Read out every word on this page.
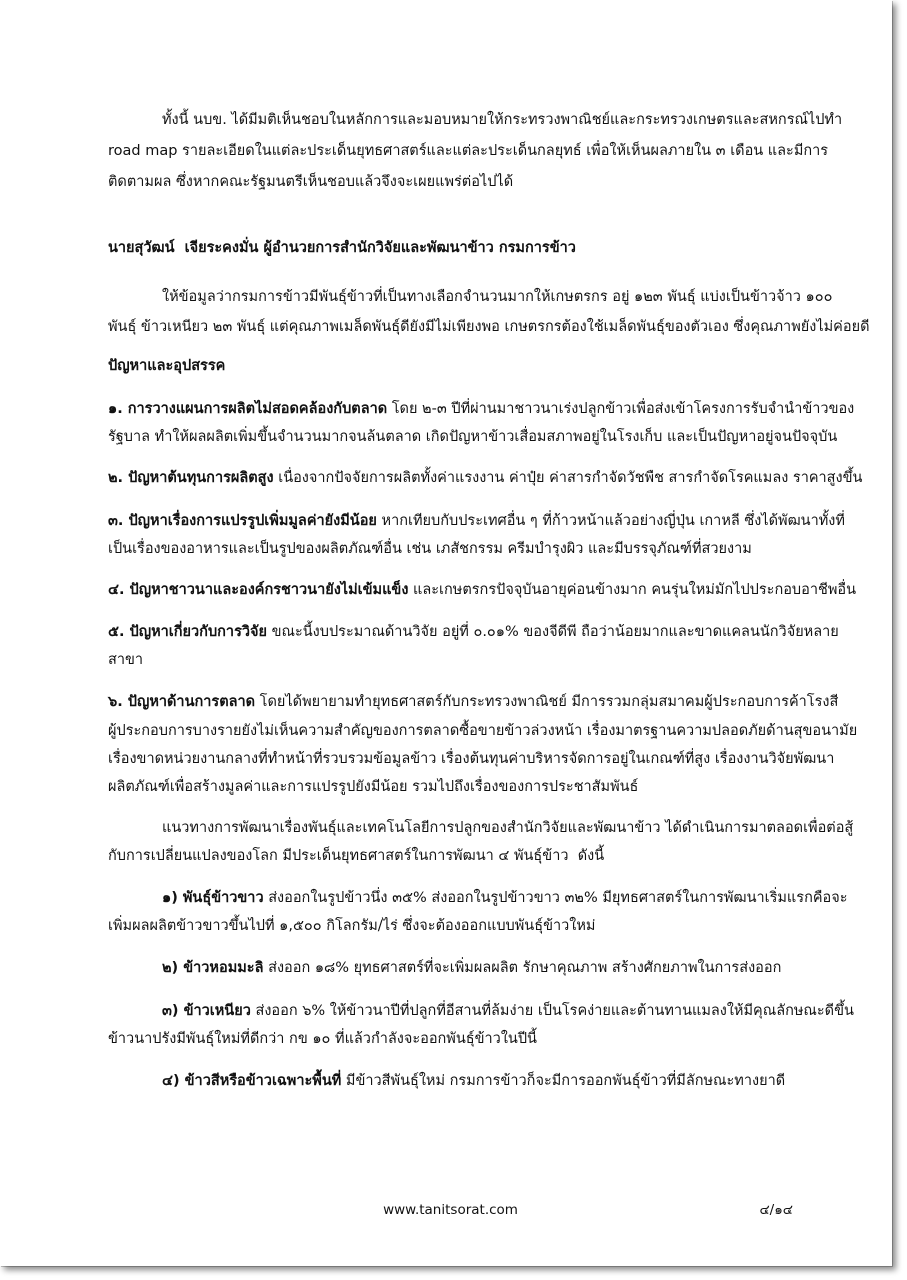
ทั้งนี้ นบข. ได้มีมติเห็นชอบในหลักการและมอบหมายให้กระทรวงพาณิชย์และกระทรวงเกษตรและสหกรณ์ไปทำ
road map รายละเอียดในแต่ละประเด็นยุทธศาสตร์และแต่ละประเด็นกลยุทธ์ เพื่อให้เห็นผลภายใน ๓ เดือน และมีการ
ติดตามผล ซึ่งหากคณะรัฐมนตรีเห็นชอบแล้วจึงจะเผยแพร่ต่อไปได้
นายสุวัฒน์  เจียระคงมั่น ผู้อำนวยการสำนักวิจัยและพัฒนาข้าว กรมการข้าว
ให้ข้อมูลว่ากรมการข้าวมีพันธุ์ข้าวที่เป็นทางเลือกจำนวนมากให้เกษตรกร อยู่ ๑๒๓ พันธุ์ แบ่งเป็นข้าวจ้าว ๑๐๐
พันธุ์ ข้าวเหนียว ๒๓ พันธุ์ แต่คุณภาพเมล็ดพันธุ์ดียังมีไม่เพียงพอ เกษตรกรต้องใช้เมล็ดพันธุ์ของตัวเอง ซึ่งคุณภาพยังไม่ค่อยดี
ปัญหาและอุปสรรค
๑. การวางแผนการผลิตไม่สอดคล้องกับตลาด โดย ๒-๓ ปีที่ผ่านมาชาวนาเร่งปลูกข้าวเพื่อส่งเข้าโครงการรับจำนำข้าวของ
รัฐบาล ทำให้ผลผลิตเพิ่มขึ้นจำนวนมากจนล้นตลาด เกิดปัญหาข้าวเสื่อมสภาพอยู่ในโรงเก็บ และเป็นปัญหาอยู่จนปัจจุบัน
๒. ปัญหาต้นทุนการผลิตสูง เนื่องจากปัจจัยการผลิตทั้งค่าแรงงาน ค่าปุ๋ย ค่าสารกำจัดวัชพืช สารกำจัดโรคแมลง ราคาสูงขึ้น
๓. ปัญหาเรื่องการแปรรูปเพิ่มมูลค่ายังมีน้อย หากเทียบกับประเทศอื่น ๆ ที่ก้าวหน้าแล้วอย่างญี่ปุ่น เกาหลี ซึ่งได้พัฒนาทั้งที่
เป็นเรื่องของอาหารและเป็นรูปของผลิตภัณฑ์อื่น เช่น เภสัชกรรม ครีมบำรุงผิว และมีบรรจุภัณฑ์ที่สวยงาม
๔. ปัญหาชาวนาและองค์กรชาวนายังไม่เข้มแข็ง และเกษตรกรปัจจุบันอายุค่อนข้างมาก คนรุ่นใหม่มักไปประกอบอาชีพอื่น
๕. ปัญหาเกี่ยวกับการวิจัย ขณะนี้งบประมาณด้านวิจัย อยู่ที่ ๐.๐๑% ของจีดีพี ถือว่าน้อยมากและขาดแคลนนักวิจัยหลาย
สาขา
๖. ปัญหาด้านการตลาด โดยได้พยายามทำยุทธศาสตร์กับกระทรวงพาณิชย์ มีการรวมกลุ่มสมาคมผู้ประกอบการค้าโรงสี
ผู้ประกอบการบางรายยังไม่เห็นความสำคัญของการตลาดซื้อขายข้าวล่วงหน้า เรื่องมาตรฐานความปลอดภัยด้านสุขอนามัย
เรื่องขาดหน่วยงานกลางที่ทำหน้าที่รวบรวมข้อมูลข้าว เรื่องต้นทุนค่าบริหารจัดการอยู่ในเกณฑ์ที่สูง เรื่องงานวิจัยพัฒนา
ผลิตภัณฑ์เพื่อสร้างมูลค่าและการแปรรูปยังมีน้อย รวมไปถึงเรื่องของการประชาสัมพันธ์
แนวทางการพัฒนาเรื่องพันธุ์และเทคโนโลยีการปลูกของสำนักวิจัยและพัฒนาข้าว ได้ดำเนินการมาตลอดเพื่อต่อสู้
กับการเปลี่ยนแปลงของโลก มีประเด็นยุทธศาสตร์ในการพัฒนา ๔ พันธุ์ข้าว  ดังนี้
๑) พันธุ์ข้าวขาว ส่งออกในรูปข้าวนึ่ง ๓๕% ส่งออกในรูปข้าวขาว ๓๒% มียุทธศาสตร์ในการพัฒนาเริ่มแรกคือจะ
เพิ่มผลผลิตข้าวขาวขึ้นไปที่ ๑,๕๐๐ กิโลกรัม/ไร่ ซึ่งจะต้องออกแบบพันธุ์ข้าวใหม่
๒) ข้าวหอมมะลิ ส่งออก ๑๘% ยุทธศาสตร์ที่จะเพิ่มผลผลิต รักษาคุณภาพ สร้างศักยภาพในการส่งออก
๓) ข้าวเหนียว ส่งออก ๖% ให้ข้าวนาปีที่ปลูกที่อีสานที่ล้มง่าย เป็นโรคง่ายและต้านทานแมลงให้มีคุณลักษณะดีขึ้น
ข้าวนาปรังมีพันธุ์ใหม่ที่ดีกว่า กข ๑๐ ที่แล้วกำลังจะออกพันธุ์ข้าวในปีนี้
๔) ข้าวสีหรือข้าวเฉพาะพื้นที่ มีข้าวสีพันธุ์ใหม่ กรมการข้าวก็จะมีการออกพันธุ์ข้าวที่มีลักษณะทางยาดี
www.tanitsorat.com	๔/๑๔
